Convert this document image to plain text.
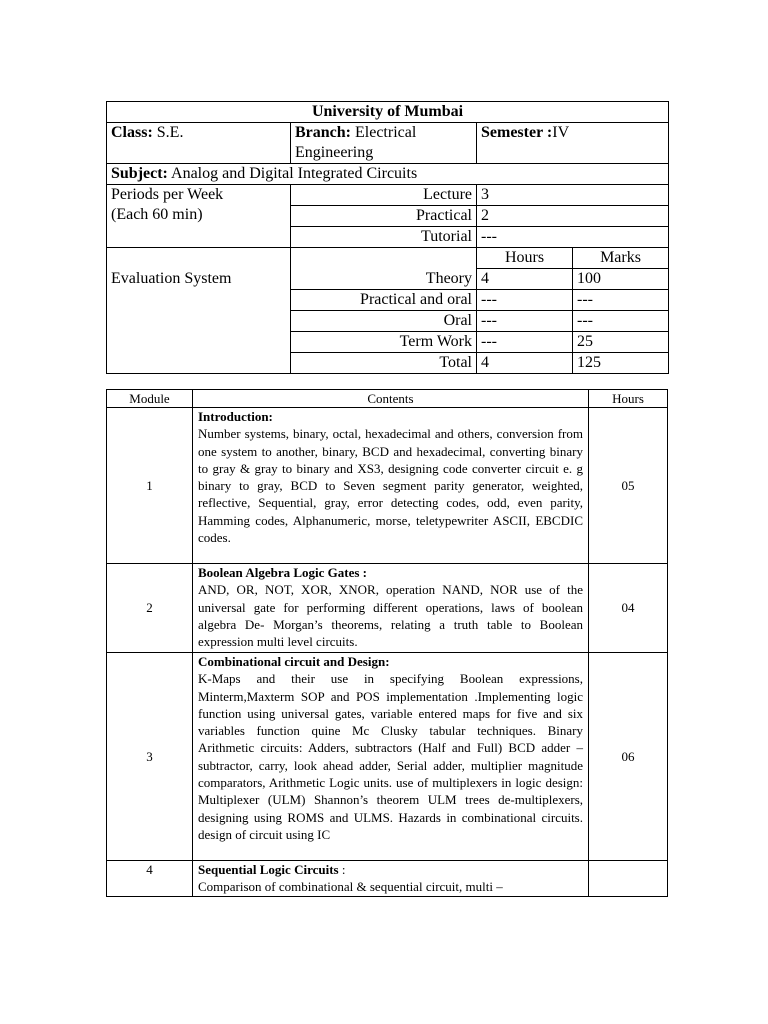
University of Mumbai			
Class: S.E.	Branch: Electrical Engineering	Semester :IV	
Subject: Analog and Digital Integrated Circuits			
Periods per Week
(Each 60 min)	Lecture	3	
	Practical	2	
	Tutorial	---	
		Hours	Marks
Evaluation System	Theory	4	100
	Practical and oral	---	---
	Oral	---	---
	Term Work	---	25
	Total	4	125
Module	Contents	Hours
1	Introduction:
Number systems, binary, octal, hexadecimal and others, conversion from one system to another, binary, BCD and hexadecimal, converting binary to gray & gray to binary and XS3, designing code converter circuit e. g binary to gray, BCD to Seven segment parity generator, weighted, reflective, Sequential, gray, error detecting codes, odd, even parity, Hamming codes, Alphanumeric, morse, teletypewriter ASCII, EBCDIC codes.	05
2	Boolean Algebra Logic Gates :
AND, OR, NOT, XOR, XNOR, operation NAND, NOR use of the universal gate for performing different operations, laws of boolean algebra De- Morgan’s theorems, relating a truth table to Boolean expression multi level circuits.	04
3	Combinational circuit and Design:
K-Maps and their use in specifying Boolean expressions, Minterm,Maxterm SOP and POS implementation .Implementing logic function using universal gates, variable entered maps for five and six variables function quine Mc Clusky tabular techniques. Binary Arithmetic circuits: Adders, subtractors (Half and Full) BCD adder – subtractor, carry, look ahead adder, Serial adder, multiplier magnitude comparators, Arithmetic Logic units. use of multiplexers in logic design: Multiplexer (ULM) Shannon’s theorem ULM trees de-multiplexers, designing using ROMS and ULMS. Hazards in combinational circuits. design of circuit using IC	06
4	Sequential Logic Circuits :
Comparison of combinational & sequential circuit, multi –	
